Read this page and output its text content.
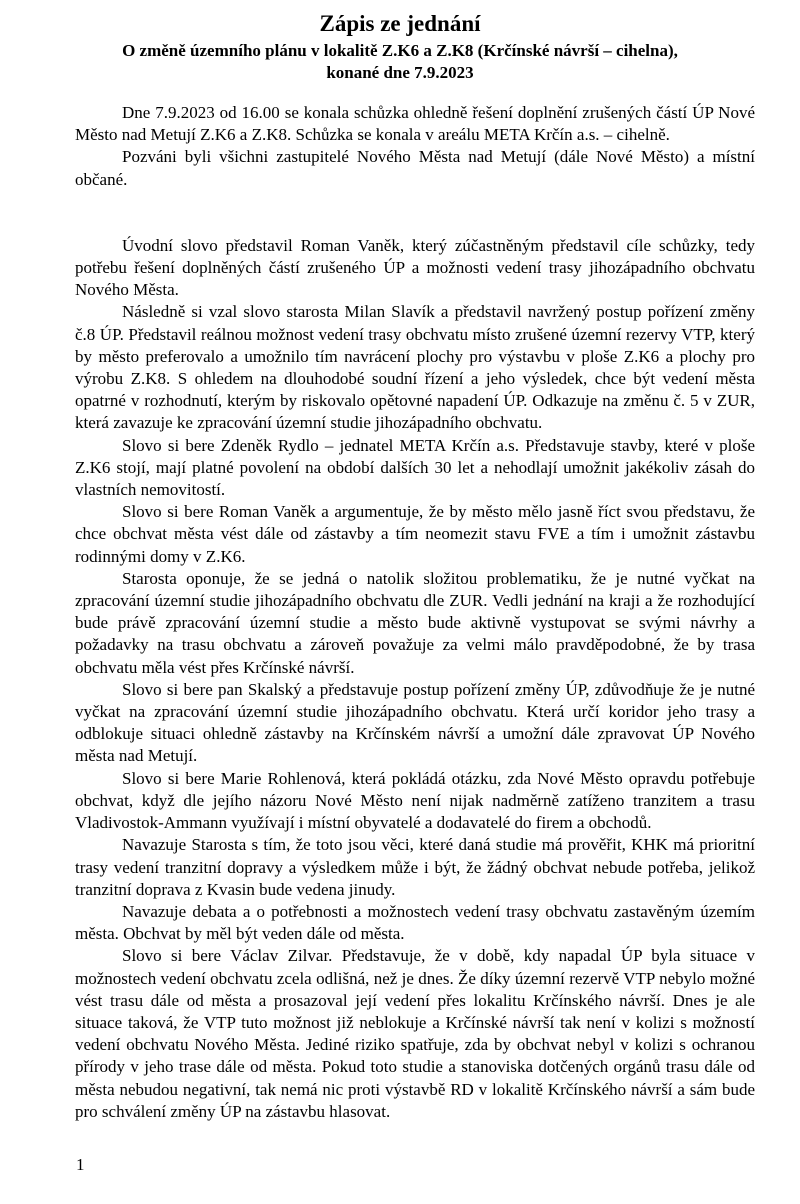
Zápis ze jednání
O změně územního plánu v lokalitě Z.K6 a Z.K8 (Krčínské návrší – cihelna),
konané dne 7.9.2023

Dne 7.9.2023 od 16.00 se konala schůzka ohledně řešení doplnění zrušených částí ÚP Nové Město nad Metují Z.K6 a Z.K8. Schůzka se konala v areálu META Krčín a.s. – cihelně.

Pozváni byli všichni zastupitelé Nového Města nad Metují (dále Nové Město) a místní občané.

Úvodní slovo představil Roman Vaněk, který zúčastněným představil cíle schůzky, tedy potřebu řešení doplněných částí zrušeného ÚP a možnosti vedení trasy jihozápadního obchvatu Nového Města.

Následně si vzal slovo starosta Milan Slavík a představil navržený postup pořízení změny č.8 ÚP. Představil reálnou možnost vedení trasy obchvatu místo zrušené územní rezervy VTP, který by město preferovalo a umožnilo tím navrácení plochy pro výstavbu v ploše Z.K6 a plochy pro výrobu Z.K8. S ohledem na dlouhodobé soudní řízení a jeho výsledek, chce být vedení města opatrné v rozhodnutí, kterým by riskovalo opětovné napadení ÚP. Odkazuje na změnu č. 5 v ZUR, která zavazuje ke zpracování územní studie jihozápadního obchvatu.

Slovo si bere Zdeněk Rydlo – jednatel META Krčín a.s. Představuje stavby, které v ploše Z.K6 stojí, mají platné povolení na období dalších 30 let a nehodlají umožnit jakékoliv zásah do vlastních nemovitostí.

Slovo si bere Roman Vaněk a argumentuje, že by město mělo jasně říct svou představu, že chce obchvat města vést dále od zástavby a tím neomezit stavu FVE a tím i umožnit zástavbu rodinnými domy v Z.K6.

Starosta oponuje, že se jedná o natolik složitou problematiku, že je nutné vyčkat na zpracování územní studie jihozápadního obchvatu dle ZUR. Vedli jednání na kraji a že rozhodující bude právě zpracování územní studie a město bude aktivně vystupovat se svými návrhy a požadavky na trasu obchvatu a zároveň považuje za velmi málo pravděpodobné, že by trasa obchvatu měla vést přes Krčínské návrší.

Slovo si bere pan Skalský a představuje postup pořízení změny ÚP, zdůvodňuje že je nutné vyčkat na zpracování územní studie jihozápadního obchvatu. Která určí koridor jeho trasy a odblokuje situaci ohledně zástavby na Krčínském návrší a umožní dále zpravovat ÚP Nového města nad Metují.

Slovo si bere Marie Rohlenová, která pokládá otázku, zda Nové Město opravdu potřebuje obchvat, když dle jejího názoru Nové Město není nijak nadměrně zatíženo tranzitem a trasu Vladivostok-Ammann využívají i místní obyvatelé a dodavatelé do firem a obchodů.

Navazuje Starosta s tím, že toto jsou věci, které daná studie má prověřit, KHK má prioritní trasy vedení tranzitní dopravy a výsledkem může i být, že žádný obchvat nebude potřeba, jelikož tranzitní doprava z Kvasin bude vedena jinudy.

Navazuje debata a o potřebnosti a možnostech vedení trasy obchvatu zastavěným územím města. Obchvat by měl být veden dále od města.

Slovo si bere Václav Zilvar. Představuje, že v době, kdy napadal ÚP byla situace v možnostech vedení obchvatu zcela odlišná, než je dnes. Že díky územní rezervě VTP nebylo možné vést trasu dále od města a prosazoval její vedení přes lokalitu Krčínského návrší. Dnes je ale situace taková, že VTP tuto možnost již neblokuje a Krčínské návrší tak není v kolizi s možností vedení obchvatu Nového Města. Jediné riziko spatřuje, zda by obchvat nebyl v kolizi s ochranou přírody v jeho trase dále od města. Pokud toto studie a stanoviska dotčených orgánů trasu dále od města nebudou negativní, tak nemá nic proti výstavbě RD v lokalitě Krčínského návrší a sám bude pro schválení změny ÚP na zástavbu hlasovat.

1
